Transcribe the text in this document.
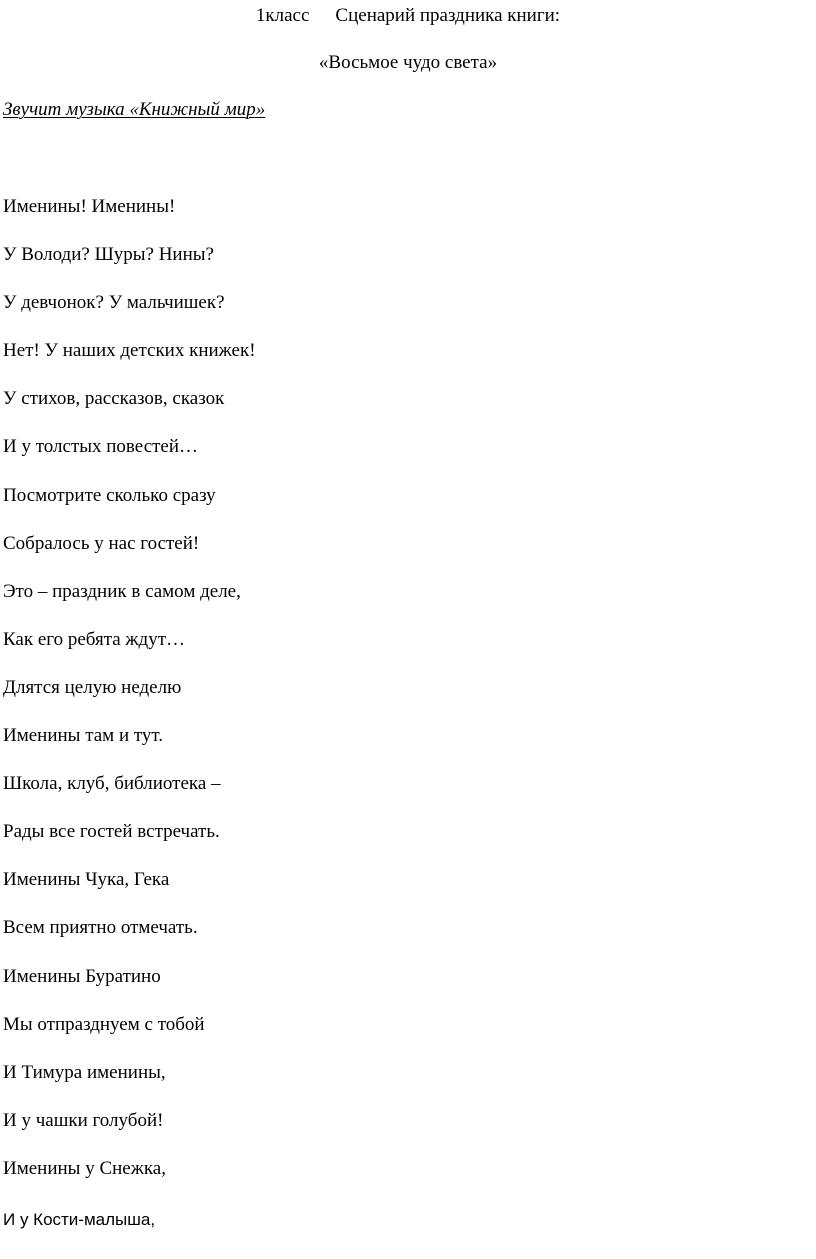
1класс Сценарий праздника книги:
«Восьмое чудо света»
Звучит музыка «Книжный мир»
Именины! Именины!
У Володи? Шуры? Нины?
У девчонок? У мальчишек?
Нет! У наших детских книжек!
У стихов, рассказов, сказок
И у толстых повестей…
Посмотрите сколько сразу
Собралось у нас гостей!
Это – праздник в самом деле,
Как его ребята ждут…
Длятся целую неделю
Именины там и тут.
Школа, клуб, библиотека –
Рады все гостей встречать.
Именины Чука, Гека
Всем приятно отмечать.
Именины Буратино
Мы отпразднуем с тобой
И Тимура именины,
И у чашки голубой!
Именины у Снежка,
И у Кости-малыша,
